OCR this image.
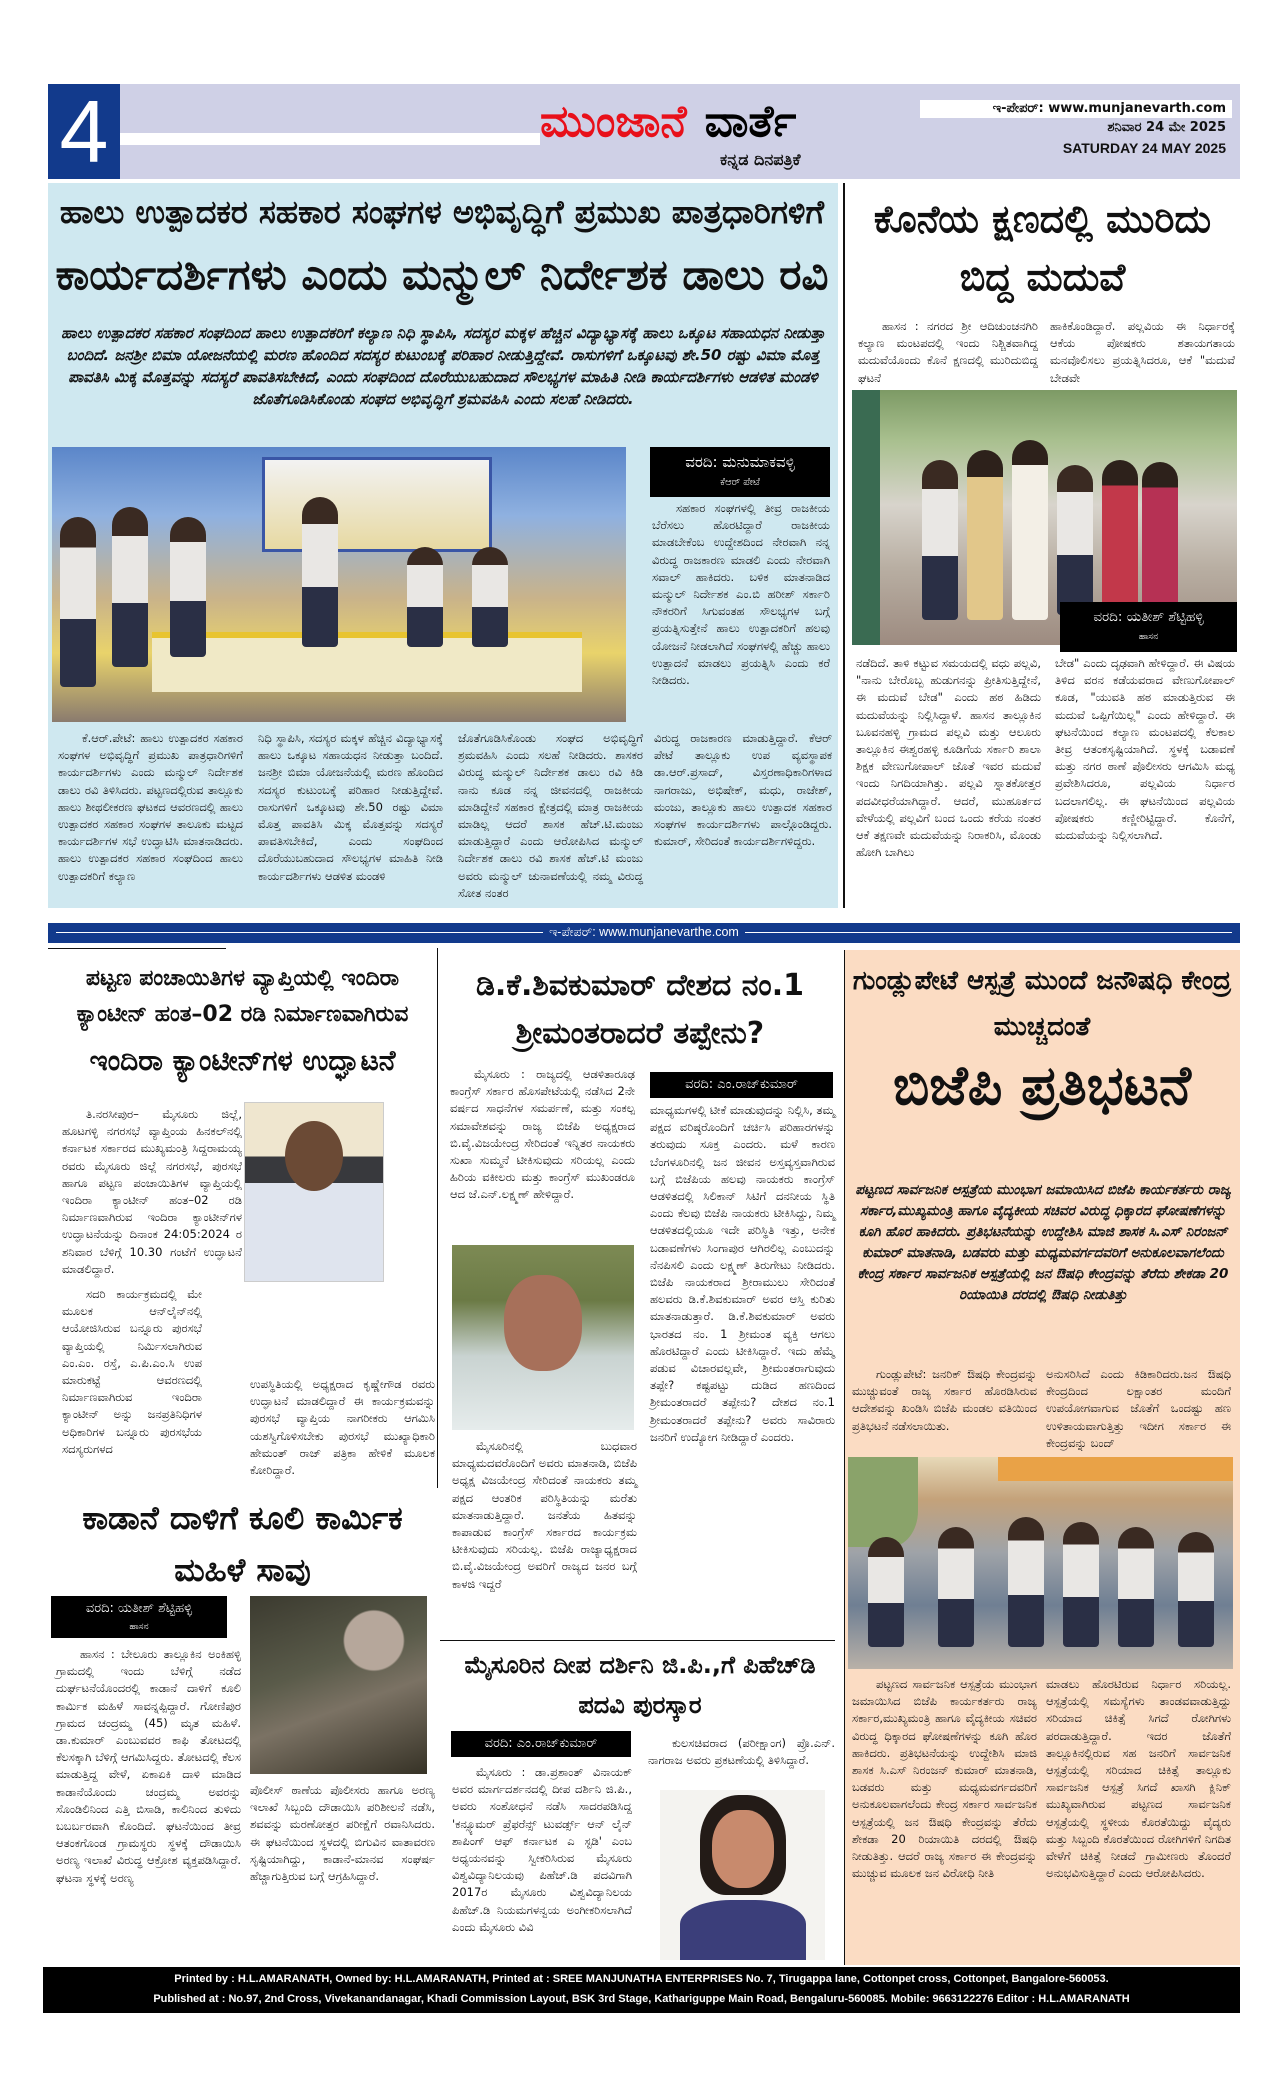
4	ಮುಂಜಾನೆ ವಾರ್ತೆ
ಕನ್ನಡ ದಿನಪತ್ರಿಕೆ
ಇ-ಪೇಪರ್: www.munjanevarth.com
ಶನಿವಾರ 24 ಮೇ 2025
SATURDAY 24 MAY 2025
ಹಾಲು ಉತ್ಪಾದಕರ ಸಹಕಾರ ಸಂಘಗಳ ಅಭಿವೃದ್ಧಿಗೆ ಪ್ರಮುಖ ಪಾತ್ರಧಾರಿಗಳಿಗೆ
ಕಾರ್ಯದರ್ಶಿಗಳು ಎಂದು ಮನ್ಮುಲ್ ನಿರ್ದೇಶಕ ಡಾಲು ರವಿ
ಹಾಲು ಉತ್ಪಾದಕರ ಸಹಕಾರ ಸಂಘದಿಂದ ಹಾಲು ಉತ್ಪಾದಕರಿಗೆ ಕಲ್ಯಾಣ ನಿಧಿ ಸ್ಥಾಪಿಸಿ, ಸದಸ್ಯರ ಮಕ್ಕಳ ಹೆಚ್ಚಿನ ವಿದ್ಯಾಭ್ಯಾಸಕ್ಕೆ ಹಾಲು ಒಕ್ಕೂಟ ಸಹಾಯಧನ ನೀಡುತ್ತಾ ಬಂದಿದೆ. ಜನಶ್ರೀ ಬಿಮಾ ಯೋಜನೆಯಲ್ಲಿ ಮರಣ ಹೊಂದಿದ ಸದಸ್ಯರ ಕುಟುಂಬಕ್ಕೆ ಪರಿಹಾರ ನೀಡುತ್ತಿದ್ದೇವೆ. ರಾಸುಗಳಿಗೆ ಒಕ್ಕೂಟವು ಶೇ.50 ರಷ್ಟು ವಿಮಾ ಮೊತ್ತ ಪಾವತಿಸಿ ಮಿಕ್ಕ ಮೊತ್ತವನ್ನು ಸದಸ್ಯರೆ ಪಾವತಿಸಬೇಕಿದೆ, ಎಂದು ಸಂಘದಿಂದ ದೊರೆಯುಬಹುದಾದ ಸೌಲಭ್ಯಗಳ ಮಾಹಿತಿ ನೀಡಿ ಕಾರ್ಯದರ್ಶಿಗಳು ಆಡಳಿತ ಮಂಡಳಿ ಜೊತೆಗೂಡಿಸಿಕೊಂಡು ಸಂಘದ ಅಭಿವೃದ್ಧಿಗೆ ಶ್ರಮವಹಿಸಿ ಎಂದು ಸಲಹೆ ನೀಡಿದರು.
ವರದಿ: ಮನುಮಾಕವಳ್ಳಿ
ಕೆಆರ್ ಪೇಟೆ

ಸಹಕಾರ ಸಂಘಗಳಲ್ಲಿ ತೀವ್ರ ರಾಜಕೀಯ ಬೆರೆಸಲು ಹೊರಟಿದ್ದಾರೆ ರಾಜಕೀಯ ಮಾಡಬೇಕೆಂಬ ಉದ್ದೇಶದಿಂದ ನೇರವಾಗಿ ನನ್ನ ವಿರುದ್ಧ ರಾಜಕಾರಣ ಮಾಡಲಿ ಎಂದು ನೇರವಾಗಿ ಸವಾಲ್ ಹಾಕಿದರು. ಬಳಿಕ ಮಾತನಾಡಿದ ಮನ್ಮುಲ್ ನಿರ್ದೇಶಕ ಎಂ.ಬಿ ಹರೀಶ್ ಸರ್ಕಾರಿ ನೌಕರರಿಗೆ ಸಿಗುವಂತಹ ಸೌಲಭ್ಯಗಳ ಬಗ್ಗೆ ಪ್ರಯತ್ನಿಸುತ್ತೇನೆ ಹಾಲು ಉತ್ಪಾದಕರಿಗೆ ಹಲವು ಯೋಜನೆ ನೀಡಲಾಗಿದೆ ಸಂಘಗಳಲ್ಲಿ ಹೆಚ್ಚು ಹಾಲು ಉತ್ಪಾದನೆ ಮಾಡಲು ಪ್ರಯತ್ನಿಸಿ ಎಂದು ಕರೆ ನೀಡಿದರು.

ಕೆ.ಆರ್.ಪೇಟೆ: ಹಾಲು ಉತ್ಪಾದಕರ ಸಹಕಾರ ಸಂಘಗಳ ಅಭಿವೃದ್ಧಿಗೆ ಪ್ರಮುಖ ಪಾತ್ರಧಾರಿಗಳಿಗೆ ಕಾರ್ಯದರ್ಶಿಗಳು ಎಂದು ಮನ್ಮುಲ್ ನಿರ್ದೇಶಕ ಡಾಲು ರವಿ ತಿಳಿಸಿದರು. ಪಟ್ಟಣದಲ್ಲಿರುವ ತಾಲ್ಲೂಕು ಹಾಲು ಶೀಥಲೀಕರಣ ಘಟಕದ ಆವರಣದಲ್ಲಿ ಹಾಲು ಉತ್ಪಾದಕರ ಸಹಕಾರ ಸಂಘಗಳ ತಾಲೂಕು ಮಟ್ಟದ ಕಾರ್ಯದರ್ಶಿಗಳ ಸಭೆ ಉದ್ಘಾಟಿಸಿ ಮಾತನಾಡಿದರು. ಹಾಲು ಉತ್ಪಾದಕರ ಸಹಕಾರ ಸಂಘದಿಂದ ಹಾಲು ಉತ್ಪಾದಕರಿಗೆ ಕಲ್ಯಾಣ

ನಿಧಿ ಸ್ಥಾಪಿಸಿ, ಸದಸ್ಯರ ಮಕ್ಕಳ ಹೆಚ್ಚಿನ ವಿದ್ಯಾಭ್ಯಾಸಕ್ಕೆ ಹಾಲು ಒಕ್ಕೂಟ ಸಹಾಯಧನ ನೀಡುತ್ತಾ ಬಂದಿದೆ. ಜನಶ್ರೀ ಬಿಮಾ ಯೋಜನೆಯಲ್ಲಿ ಮರಣ ಹೊಂದಿದ ಸದಸ್ಯರ ಕುಟುಂಬಕ್ಕೆ ಪರಿಹಾರ ನೀಡುತ್ತಿದ್ದೇವೆ. ರಾಸುಗಳಿಗೆ ಒಕ್ಕೂಟವು ಶೇ.50 ರಷ್ಟು ವಿಮಾ ಮೊತ್ತ ಪಾವತಿಸಿ ಮಿಕ್ಕ ಮೊತ್ತವನ್ನು ಸದಸ್ಯರೆ ಪಾವತಿಸಬೇಕಿದೆ, ಎಂದು ಸಂಘದಿಂದ ದೊರೆಯುಬಹುದಾದ ಸೌಲಭ್ಯಗಳ ಮಾಹಿತಿ ನೀಡಿ ಕಾರ್ಯದರ್ಶಿಗಳು ಆಡಳಿತ ಮಂಡಳಿ

ಜೊತೆಗೂಡಿಸಿಕೊಂಡು ಸಂಘದ ಅಭಿವೃದ್ಧಿಗೆ ಶ್ರಮವಹಿಸಿ ಎಂದು ಸಲಹೆ ನೀಡಿದರು. ಶಾಸಕರ ವಿರುದ್ಧ ಮನ್ಮುಲ್ ನಿರ್ದೇಶಕ ಡಾಲು ರವಿ ಕಿಡಿ ನಾನು ಕೂಡ ನನ್ನ ಜೀವನದಲ್ಲಿ ರಾಜಕೀಯ ಮಾಡಿದ್ದೇನೆ ಸಹಕಾರ ಕ್ಷೇತ್ರದಲ್ಲಿ ಮಾತ್ರ ರಾಜಕೀಯ ಮಾಡಿಲ್ಲ ಆದರೆ ಶಾಸಕ ಹೆಚ್.ಟಿ.ಮಂಜು ಮಾಡುತ್ತಿದ್ದಾರೆ ಎಂದು ಆರೋಪಿಸಿದ ಮನ್ಮುಲ್ ನಿರ್ದೇಶಕ ಡಾಲು ರವಿ ಶಾಸಕ ಹೆಚ್.ಟಿ ಮಂಜು ಅವರು ಮನ್ಮುಲ್ ಚುನಾವಣೆಯಲ್ಲಿ ನಮ್ಮ ವಿರುದ್ಧ ಸೋತ ನಂತರ

ವಿರುದ್ಧ ರಾಜಕಾರಣ ಮಾಡುತ್ತಿದ್ದಾರೆ. ಕೆಆರ್ ಪೇಟೆ ತಾಲ್ಲೂಕು ಉಪ ವ್ಯವಸ್ಥಾಪಕ ಡಾ.ಆರ್.ಪ್ರಸಾದ್, ವಿಸ್ತರಣಾಧಿಕಾರಿಗಳಾದ ನಾಗರಾಜು, ಅಭಿಷೇಕ್, ಮಧು, ರಾಜೇಶ್, ಮಂಜು, ತಾಲ್ಲೂಕು ಹಾಲು ಉತ್ಪಾದಕ ಸಹಕಾರ ಸಂಘಗಳ ಕಾರ್ಯದರ್ಶಿಗಳು ಪಾಲ್ಗೊಂಡಿದ್ದರು. ಕುಮಾರ್, ಸೇರಿದಂತೆ ಕಾರ್ಯದರ್ಶಿಗಳಿದ್ದರು.

ಕೊನೆಯ ಕ್ಷಣದಲ್ಲಿ ಮುರಿದು ಬಿದ್ದ ಮದುವೆ

ಹಾಸನ : ನಗರದ ಶ್ರೀ ಆದಿಚುಂಚನಗಿರಿ ಕಲ್ಯಾಣ ಮಂಟಪದಲ್ಲಿ ಇಂದು ನಿಶ್ಚಿತವಾಗಿದ್ದ ಮದುವೆಯೊಂದು ಕೊನೆ ಕ್ಷಣದಲ್ಲಿ ಮುರಿದುಬಿದ್ದ ಘಟನೆ

ಹಾಕಿಕೊಂಡಿದ್ದಾರೆ. ಪಲ್ಲವಿಯ ಈ ನಿರ್ಧಾರಕ್ಕೆ ಆಕೆಯ ಪೋಷಕರು ಶತಾಯಗತಾಯ ಮನವೊಲಿಸಲು ಪ್ರಯತ್ನಿಸಿದರೂ, ಆಕೆ "ಮದುವೆ ಬೇಡವೇ

ವರದಿ: ಯತೀಶ್ ಶೆಟ್ಟಿಹಳ್ಳಿ
ಹಾಸನ

ನಡೆದಿದೆ. ತಾಳಿ ಕಟ್ಟುವ ಸಮಯದಲ್ಲಿ ವಧು ಪಲ್ಲವಿ, "ನಾನು ಬೇರೊಬ್ಬ ಹುಡುಗನನ್ನು ಪ್ರೀತಿಸುತ್ತಿದ್ದೇನೆ, ಈ ಮದುವೆ ಬೇಡ" ಎಂದು ಹಠ ಹಿಡಿದು ಮದುವೆಯನ್ನು ನಿಲ್ಲಿಸಿದ್ದಾಳೆ. ಹಾಸನ ತಾಲ್ಲೂಕಿನ ಬೂವನಹಳ್ಳಿ ಗ್ರಾಮದ ಪಲ್ಲವಿ ಮತ್ತು ಆಲೂರು ತಾಲ್ಲೂಕಿನ ಈಶ್ವರಹಳ್ಳಿ ಕೂಡಿಗೆಯ ಸರ್ಕಾರಿ ಶಾಲಾ ಶಿಕ್ಷಕ ವೇಣುಗೋಪಾಲ್ ಜೊತೆ ಇವರ ಮದುವೆ ಇಂದು ನಿಗದಿಯಾಗಿತ್ತು. ಪಲ್ಲವಿ ಸ್ನಾತಕೋತ್ತರ ಪದವೀಧರೆಯಾಗಿದ್ದಾರೆ. ಆದರೆ, ಮುಹೂರ್ತದ ವೇಳೆಯಲ್ಲಿ ಪಲ್ಲವಿಗೆ ಬಂದ ಒಂದು ಕರೆಯ ನಂತರ ಆಕೆ ತಕ್ಷಣವೇ ಮದುವೆಯನ್ನು ನಿರಾಕರಿಸಿ, ಮೊಂಡು ಹೋಗಿ ಬಾಗಿಲು

ಬೇಡ" ಎಂದು ದೃಢವಾಗಿ ಹೇಳಿದ್ದಾರೆ. ಈ ವಿಷಯ ತಿಳಿದ ವರನ ಕಡೆಯವರಾದ ವೇಣುಗೋಪಾಲ್ ಕೂಡ, "ಯುವತಿ ಹಠ ಮಾಡುತ್ತಿರುವ ಈ ಮದುವೆ ಒಪ್ಪಿಗೆಯಿಲ್ಲ" ಎಂದು ಹೇಳಿದ್ದಾರೆ. ಈ ಘಟನೆಯಿಂದ ಕಲ್ಯಾಣ ಮಂಟಪದಲ್ಲಿ ಕೆಲಕಾಲ ತೀವ್ರ ಆತಂಕಸೃಷ್ಟಿಯಾಗಿದೆ. ಸ್ಥಳಕ್ಕೆ ಬಡಾವಣೆ ಮತ್ತು ನಗರ ಠಾಣೆ ಪೊಲೀಸರು ಆಗಮಿಸಿ ಮಧ್ಯ ಪ್ರವೇಶಿಸಿದರೂ, ಪಲ್ಲವಿಯ ನಿರ್ಧಾರ ಬದಲಾಗಲಿಲ್ಲ. ಈ ಘಟನೆಯಿಂದ ಪಲ್ಲವಿಯ ಪೋಷಕರು ಕಣ್ಣೀರಿಟ್ಟಿದ್ದಾರೆ. ಕೊನೆಗೆ, ಮದುವೆಯನ್ನು ನಿಲ್ಲಿಸಲಾಗಿದೆ.

ಇ-ಪೇಪರ್: www.munjanevarthe.com
ಪಟ್ಟಣ ಪಂಚಾಯಿತಿಗಳ ವ್ಯಾಪ್ತಿಯಲ್ಲಿ ಇಂದಿರಾ
ಕ್ಯಾಂಟೀನ್ ಹಂತ–02 ರಡಿ ನಿರ್ಮಾಣವಾಗಿರುವ
ಇಂದಿರಾ ಕ್ಯಾಂಟೀನ್‌ಗಳ ಉದ್ಘಾಟನೆ

ತಿ.ನರಸೀಪುರ– ಮೈಸೂರು ಜಿಲ್ಲೆ, ಹೂಟಗಳ್ಳಿ ನಗರಸಭೆ ವ್ಯಾಪ್ತಿಂಯ ಹಿನಕಲ್‌ನಲ್ಲಿ ಕರ್ನಾಟಕ ಸರ್ಕಾರದ ಮುಖ್ಯಮಂತ್ರಿ ಸಿದ್ದರಾಮಯ್ಯ ರವರು ಮೈಸೂರು ಜಿಲ್ಲೆ ನಗರಸಭೆ, ಪುರಸಭೆ ಹಾಗೂ ಪಟ್ಟಣ ಪಂಚಾಯಿತಿಗಳ ವ್ಯಾಪ್ತಿಯಲ್ಲಿ ಇಂದಿರಾ ಕ್ಯಾಂಟೀನ್ ಹಂತ–02 ರಡಿ ನಿರ್ಮಾಣವಾಗಿರುವ ಇಂದಿರಾ ಕ್ಯಾಂಟೀನ್‌ಗಳ ಉದ್ಘಾಟನೆಯನ್ನು ದಿನಾಂಕ 24:05:2024 ರ ಶನಿವಾರ ಬೆಳಿಗ್ಗೆ 10.30 ಗಂಟೆಗೆ ಉದ್ಘಾಟನೆ ಮಾಡಲಿದ್ದಾರೆ.

ಸದರಿ ಕಾರ್ಯಕ್ರಮದಲ್ಲಿ ಮೇ ಮೂಲಕ ಆನ್‌ಲೈನ್‌ನಲ್ಲಿ ಆಯೋಜಿಸಿರುವ ಬನ್ನೂರು ಪುರಸಭೆ ವ್ಯಾಪ್ತಿಯಲ್ಲಿ ನಿರ್ಮಿಸಲಾಗಿರುವ ಎಂ.ಎಂ. ರಸ್ತೆ, ಎ.ಪಿ.ಎಂ.ಸಿ ಉಪ ಮಾರುಕಟ್ಟೆ ಆವರಣದಲ್ಲಿ ನಿರ್ಮಾಣವಾಗಿರುವ ಇಂದಿರಾ ಕ್ಯಾಂಟೀನ್ ಅನ್ನು ಜನಪ್ರತಿನಿಧಿಗಳ ಅಧಿಕಾರಿಗಳ ಬನ್ನೂರು ಪುರಸಭೆಯ ಸದಸ್ಯರುಗಳದ

ಉಪಸ್ಥಿತಿಯಲ್ಲಿ ಅಧ್ಯಕ್ಷರಾದ ಕೃಷ್ಣೇಗೌಡ ರವರು ಉದ್ಘಾಟನೆ ಮಾಡಲಿದ್ದಾರೆ ಈ ಕಾರ್ಯಕ್ರಮವನ್ನು ಪುರಸಭೆ ವ್ಯಾಪ್ತಿಯ ನಾಗರೀಕರು ಆಗಮಿಸಿ ಯಶಸ್ವಿಗೊಳಿಸಬೇಕು ಪುರಸಭೆ ಮುಖ್ಯಾಧಿಕಾರಿ ಹೇಮಂತ್ ರಾಜ್ ಪತ್ರಿಕಾ ಹೇಳಿಕೆ ಮೂಲಕ ಕೋರಿದ್ದಾರೆ.

ಕಾಡಾನೆ ದಾಳಿಗೆ ಕೂಲಿ ಕಾರ್ಮಿಕ ಮಹಿಳೆ ಸಾವು
ವರದಿ: ಯತೀಶ್ ಶೆಟ್ಟಿಹಳ್ಳಿ
ಹಾಸನ

ಹಾಸನ : ಬೇಲೂರು ತಾಲ್ಲೂಕಿನ ಅಂಕಿಹಳ್ಳಿ ಗ್ರಾಮದಲ್ಲಿ ಇಂದು ಬೆಳಿಗ್ಗೆ ನಡೆದ ದುರ್ಘಟನೆಯೊಂದರಲ್ಲಿ ಕಾಡಾನೆ ದಾಳಿಗೆ ಕೂಲಿ ಕಾರ್ಮಿಕ ಮಹಿಳೆ ಸಾವನ್ನಪ್ಪಿದ್ದಾರೆ. ಗೋಣಿಪುರ ಗ್ರಾಮದ ಚಂದ್ರಮ್ಮ (45) ಮೃತ ಮಹಿಳೆ. ಡಾ.ಕುಮಾರ್ ಎಂಬುವವರ ಕಾಫಿ ತೋಟದಲ್ಲಿ ಕೆಲಸಕ್ಕಾಗಿ ಬೆಳಿಗ್ಗೆ ಆಗಮಿಸಿದ್ದರು. ತೋಟದಲ್ಲಿ ಕೆಲಸ ಮಾಡುತ್ತಿದ್ದ ವೇಳೆ, ಏಕಾಏಕಿ ದಾಳಿ ಮಾಡಿದ ಕಾಡಾನೆಯೊಂದು ಚಂದ್ರಮ್ಮ ಅವರನ್ನು ಸೊಂಡಿಲಿನಿಂದ ಎತ್ತಿ ಬಿಸಾಡಿ, ಕಾಲಿನಿಂದ ತುಳಿದು ಬಬರ್ಬರವಾಗಿ ಕೊಂದಿದೆ. ಘಟನೆಯಿಂದ ತೀವ್ರ ಆತಂಕಗೊಂಡ ಗ್ರಾಮಸ್ಥರು ಸ್ಥಳಕ್ಕೆ ದೌಡಾಯಿಸಿ ಅರಣ್ಯ ಇಲಾಖೆ ವಿರುದ್ಧ ಆಕ್ರೋಶ ವ್ಯಕ್ತಪಡಿಸಿದ್ದಾರೆ. ಘಟನಾ ಸ್ಥಳಕ್ಕೆ ಅರಣ್ಯ

ಪೊಲೀಸ್ ಠಾಣೆಯ ಪೊಲೀಸರು ಹಾಗೂ ಅರಣ್ಯ ಇಲಾಖೆ ಸಿಬ್ಬಂದಿ ದೌಡಾಯಿಸಿ ಪರಿಶೀಲನೆ ನಡೆಸಿ, ಶವವನ್ನು ಮರಣೋತ್ತರ ಪರೀಕ್ಷೆಗೆ ರವಾನಿಸಿದರು. ಈ ಘಟನೆಯಿಂದ ಸ್ಥಳದಲ್ಲಿ ಬಿಗುವಿನ ವಾತಾವರಣ ಸೃಷ್ಟಿಯಾಗಿದ್ದು, ಕಾಡಾನೆ-ಮಾನವ ಸಂಘರ್ಷ ಹೆಚ್ಚಾಗುತ್ತಿರುವ ಬಗ್ಗೆ ಆಗ್ರಹಿಸಿದ್ದಾರೆ.

ಡಿ.ಕೆ.ಶಿವಕುಮಾರ್ ದೇಶದ ನಂ.1 ಶ್ರೀಮಂತರಾದರೆ ತಪ್ಪೇನು?

ಮೈಸೂರು : ರಾಜ್ಯದಲ್ಲಿ ಆಡಳಿತಾರೂಢ ಕಾಂಗ್ರೆಸ್ ಸರ್ಕಾರ ಹೊಸಪೇಟೆಯಲ್ಲಿ ನಡೆಸಿದ 2ನೇ ವರ್ಷದ ಸಾಧನೆಗಳ ಸಮರ್ಪಣೆ, ಮತ್ತು ಸಂಕಲ್ಪ ಸಮಾವೇಶವನ್ನು ರಾಜ್ಯ ಬಿಜೆಪಿ ಅಧ್ಯಕ್ಷರಾದ ಬಿ.ವೈ.ವಿಜಯೇಂದ್ರ ಸೇರಿದಂತೆ ಇನ್ನಿತರ ನಾಯಕರು ಸುಖಾ ಸುಮ್ಮನೆ ಟೀಕಿಸುವುದು ಸರಿಯಲ್ಲ ಎಂದು ಹಿರಿಯ ವಕೀಲರು ಮತ್ತು ಕಾಂಗ್ರೆಸ್ ಮುಖಂಡರೂ ಆದ ಜೆ.ಎನ್.ಲಕ್ಷ್ಮಣ್ ಹೇಳಿದ್ದಾರೆ.

ವರದಿ: ಎಂ.ರಾಜ್‌ಕುಮಾರ್

ಮಾಧ್ಯಮಗಳಲ್ಲಿ ಟೀಕೆ ಮಾಡುವುದನ್ನು ನಿಲ್ಲಿಸಿ, ತಮ್ಮ ಪಕ್ಷದ ವರಿಷ್ಠರೊಂದಿಗೆ ಚರ್ಚಿಸಿ ಪರಿಹಾರಗಳನ್ನು ತರುವುದು ಸೂಕ್ತ ಎಂದರು. ಮಳೆ ಕಾರಣ ಬೆಂಗಳೂರಿನಲ್ಲಿ ಜನ ಜೀವನ ಅಸ್ತವ್ಯಸ್ತವಾಗಿರುವ ಬಗ್ಗೆ ಬಿಜೆಪಿಯ ಹಲವು ನಾಯಕರು ಕಾಂಗ್ರೆಸ್ ಆಡಳಿತದಲ್ಲಿ ಸಿಲಿಕಾನ್ ಸಿಟಿಗೆ ದನನೀಯ ಸ್ಥಿತಿ ಎಂದು ಕೆಲವು ಬಿಜೆಪಿ ನಾಯಕರು ಟೀಕಿಸಿದ್ದು, ನಿಮ್ಮ ಆಡಳಿತದಲ್ಲಿಯೂ ಇದೇ ಪರಿಸ್ಥಿತಿ ಇತ್ತು, ಅನೇಕ ಬಡಾವಣೆಗಳು ಸಿಂಗಾಪುರ ಆಗಿರಲಿಲ್ಲ ಎಂಬುದನ್ನು ನೆನಪಿಸಲಿ ಎಂದು ಲಕ್ಷ್ಮಣ್ ತಿರುಗೇಟು ನೀಡಿದರು. ಬಿಜೆಪಿ ನಾಯಕರಾದ ಶ್ರೀರಾಮುಲು ಸೇರಿದಂತೆ ಹಲವರು ಡಿ.ಕೆ.ಶಿವಕುಮಾರ್ ಅವರ ಆಸ್ತಿ ಕುರಿತು ಮಾತನಾಡುತ್ತಾರೆ. ಡಿ.ಕೆ.ಶಿವಕುಮಾರ್ ಅವರು ಭಾರತದ ನಂ. 1 ಶ್ರೀಮಂತ ವ್ಯಕ್ತಿ ಆಗಲು ಹೊರಟಿದ್ದಾರೆ ಎಂದು ಟೀಕಿಸಿದ್ದಾರೆ. ಇದು ಹೆಮ್ಮೆ ಪಡುವ ವಿಚಾರವಲ್ಲವೇ, ಶ್ರೀಮಂತರಾಗುವುದು ತಪ್ಪೇ? ಕಷ್ಟಪಟ್ಟು ದುಡಿದ ಹಣದಿಂದ ಶ್ರೀಮಂತರಾದರೆ ತಪ್ಪೇನು? ದೇಶದ ನಂ.1 ಶ್ರೀಮಂತರಾದರೆ ತಪ್ಪೇನು? ಅವರು ಸಾವಿರಾರು ಜನರಿಗೆ ಉದ್ಯೋಗ ನೀಡಿದ್ದಾರೆ ಎಂದರು.

ಮೈಸೂರಿನಲ್ಲಿ ಬುಧವಾರ ಮಾಧ್ಯಮದವರೊಂದಿಗೆ ಅವರು ಮಾತನಾಡಿ, ಬಿಜೆಪಿ ಅಧ್ಯಕ್ಷ ವಿಜಯೇಂದ್ರ ಸೇರಿದಂತೆ ನಾಯಕರು ತಮ್ಮ ಪಕ್ಷದ ಆಂತರಿಕ ಪರಿಸ್ಥಿತಿಯನ್ನು ಮರೆತು ಮಾತನಾಡುತ್ತಿದ್ದಾರೆ. ಜನತೆಯ ಹಿತವನ್ನು ಕಾಪಾಡುವ ಕಾಂಗ್ರೆಸ್ ಸರ್ಕಾರದ ಕಾರ್ಯಕ್ರಮ ಟೀಕಿಸುವುದು ಸರಿಯಲ್ಲ. ಬಿಜೆಪಿ ರಾಜ್ಯಾಧ್ಯಕ್ಷರಾದ ಬಿ.ವೈ.ವಿಜಯೇಂದ್ರ ಅವರಿಗೆ ರಾಜ್ಯದ ಜನರ ಬಗ್ಗೆ ಕಾಳಜಿ ಇದ್ದರೆ

ಮೈಸೂರಿನ ದೀಪ ದರ್ಶಿನಿ ಜಿ.ಪಿ.,ಗೆ ಪಿಹೆಚ್‌ಡಿ ಪದವಿ ಪುರಸ್ಕಾರ
ವರದಿ: ಎಂ.ರಾಜ್‌ಕುಮಾರ್	ಕುಲಸಚಿವರಾದ (ಪರೀಕ್ಷಾಂಗ) ಪ್ರೊ.ಎನ್. ನಾಗರಾಜ ಅವರು ಪ್ರಕಟಣೆಯಲ್ಲಿ ತಿಳಿಸಿದ್ದಾರೆ.

ಮೈಸೂರು : ಡಾ.ಪ್ರಶಾಂತ್ ವಿನಾಯಕ್ ಅವರ ಮಾರ್ಗದರ್ಶನದಲ್ಲಿ ದೀಪ ದರ್ಶಿನಿ ಜಿ.ಪಿ., ಅವರು ಸಂಶೋಧನೆ ನಡೆಸಿ ಸಾದರಪಡಿಸಿದ್ದ 'ಕನ್ಸ್ಯೂಮರ್ ಪ್ರೆಫರೆನ್ಸ್ ಟುವರ್ಡ್ಸ್ ಆನ್ ಲೈನ್ ಶಾಪಿಂಗ್ ಆಫ್ ಕರ್ನಾಟಕ ಎ ಸ್ಟಡಿ' ಎಂಬ ಅಧ್ಯಯನವನ್ನು ಸ್ವೀಕರಿಸಿರುವ ಮೈಸೂರು ವಿಶ್ವವಿದ್ಯಾನಿಲಯವು ಪಿಹೆಚ್.ಡಿ ಪದವಿಗಾಗಿ 2017ರ ಮೈಸೂರು ವಿಶ್ವವಿದ್ಯಾನಿಲಯ ಪಿಹೆಚ್.ಡಿ ನಿಯಮಗಳನ್ವಯ ಅಂಗೀಕರಿಸಲಾಗಿದೆ ಎಂದು ಮೈಸೂರು ವಿವಿ

ಗುಂಡ್ಲುಪೇಟೆ ಆಸ್ಪತ್ರೆ ಮುಂದೆ ಜನೌಷಧಿ ಕೇಂದ್ರ ಮುಚ್ಚದಂತೆ
ಬಿಜೆಪಿ ಪ್ರತಿಭಟನೆ
ಪಟ್ಟಣದ ಸಾರ್ವಜನಿಕ ಆಸ್ಪತ್ರೆಯ ಮುಂಭಾಗ ಜಮಾಯಿಸಿದ ಬಿಜೆಪಿ ಕಾರ್ಯಕರ್ತರು ರಾಜ್ಯ ಸರ್ಕಾರ,ಮುಖ್ಯಮಂತ್ರಿ ಹಾಗೂ ವೈದ್ಯಕೀಯ ಸಚಿವರ ವಿರುದ್ಧ ಧಿಕ್ಕಾರದ ಘೋಷಣೆಗಳನ್ನು ಕೂಗಿ ಹೊರ ಹಾಕಿದರು. ಪ್ರತಿಭಟನೆಯನ್ನು ಉದ್ದೇಶಿಸಿ ಮಾಜಿ ಶಾಸಕ ಸಿ.ಎಸ್ ನಿರಂಜನ್ ಕುಮಾರ್ ಮಾತನಾಡಿ, ಬಡವರು ಮತ್ತು ಮಧ್ಯಮವರ್ಗದವರಿಗೆ ಅನುಕೂಲವಾಗಲೆಂದು ಕೇಂದ್ರ ಸರ್ಕಾರ ಸಾರ್ವಜನಿಕ ಆಸ್ಪತ್ರೆಯಲ್ಲಿ ಜನ ಔಷಧಿ ಕೇಂದ್ರವನ್ನು ತೆರೆದು ಶೇಕಡಾ 20 ರಿಯಾಯಿತಿ ದರದಲ್ಲಿ ಔಷಧಿ ನೀಡುತಿತ್ತು

ಗುಂಡ್ಲುಪೇಟೆ: ಜನರಿಕ್ ಔಷಧಿ ಕೇಂದ್ರವನ್ನು ಮುಚ್ಚುವಂತೆ ರಾಜ್ಯ ಸರ್ಕಾರ ಹೊರಡಿಸಿರುವ ಆದೇಶವನ್ನು ಖಂಡಿಸಿ ಬಿಜೆಪಿ ಮಂಡಲ ವತಿಯಿಂದ ಪ್ರತಿಭಟನೆ ನಡೆಸಲಾಯಿತು.

ಅನುಸರಿಸಿದೆ ಎಂದು ಕಿಡಿಕಾರಿದರು.ಜನ ಔಷಧಿ ಕೇಂದ್ರದಿಂದ ಲಕ್ಷಾಂತರ ಮಂದಿಗೆ ಉಪಯೋಗವಾಗುವ ಜೊತೆಗೆ ಒಂದಷ್ಟು ಹಣ ಉಳಿತಾಯವಾಗುತ್ತಿತ್ತು ಇದೀಗ ಸರ್ಕಾರ ಈ ಕೇಂದ್ರವನ್ನು ಬಂದ್

ಪಟ್ಟಣದ ಸಾರ್ವಜನಿಕ ಆಸ್ಪತ್ರೆಯ ಮುಂಭಾಗ ಜಮಾಯಿಸಿದ ಬಿಜೆಪಿ ಕಾರ್ಯಕರ್ತರು ರಾಜ್ಯ ಸರ್ಕಾರ,ಮುಖ್ಯಮಂತ್ರಿ ಹಾಗೂ ವೈದ್ಯಕೀಯ ಸಚಿವರ ವಿರುದ್ಧ ಧಿಕ್ಕಾರದ ಘೋಷಣೆಗಳನ್ನು ಕೂಗಿ ಹೊರ ಹಾಕಿದರು. ಪ್ರತಿಭಟನೆಯನ್ನು ಉದ್ದೇಶಿಸಿ ಮಾಜಿ ಶಾಸಕ ಸಿ.ಎಸ್ ನಿರಂಜನ್ ಕುಮಾರ್ ಮಾತನಾಡಿ, ಬಡವರು ಮತ್ತು ಮಧ್ಯಮವರ್ಗದವರಿಗೆ ಅನುಕೂಲವಾಗಲೆಂದು ಕೇಂದ್ರ ಸರ್ಕಾರ ಸಾರ್ವಜನಿಕ ಆಸ್ಪತ್ರೆಯಲ್ಲಿ ಜನ ಔಷಧಿ ಕೇಂದ್ರವನ್ನು ತೆರೆದು ಶೇಕಡಾ 20 ರಿಯಾಯಿತಿ ದರದಲ್ಲಿ ಔಷಧಿ ನೀಡುತಿತ್ತು. ಆದರೆ ರಾಜ್ಯ ಸರ್ಕಾರ ಈ ಕೇಂದ್ರವನ್ನು ಮುಚ್ಚುವ ಮೂಲಕ ಜನ ವಿರೋಧಿ ನೀತಿ

ಮಾಡಲು ಹೊರಟಿರುವ ನಿರ್ಧಾರ ಸರಿಯಲ್ಲ. ಆಸ್ಪತ್ರೆಯಲ್ಲಿ ಸಮಸ್ಯೆಗಳು ತಾಂಡವವಾಡುತ್ತಿದ್ದು ಸರಿಯಾದ ಚಿಕಿತ್ಸೆ ಸಿಗದೆ ರೋಗಿಗಳು ಪರದಾಡುತ್ತಿದ್ದಾರೆ. ಇದರ ಜೊತೆಗೆ ತಾಲ್ಲೂಕಿನಲ್ಲಿರುವ ಸಹ ಜನರಿಗೆ ಸಾರ್ವಜನಿಕ ಆಸ್ಪತ್ರೆಯಲ್ಲಿ ಸರಿಯಾದ ಚಿಕಿತ್ಸೆ ತಾಲ್ಲೂಕು ಸಾರ್ವಜನಿಕ ಆಸ್ಪತ್ರೆ ಸಿಗದೆ ಖಾಸಗಿ ಕ್ಲಿನಿಕ್ ಮುಖ್ಯವಾಗಿರುವ ಪಟ್ಟಣದ ಸಾರ್ವಜನಿಕ ಆಸ್ಪತ್ರೆಯಲ್ಲಿ ಸ್ಥಳೀಯ ಕೊರತೆಯಿದ್ದು ವೈದ್ಯರು ಮತ್ತು ಸಿಬ್ಬಂದಿ ಕೊರತೆಯಿಂದ ರೋಗಿಗಳಿಗೆ ನಿಗದಿತ ವೇಳೆಗೆ ಚಿಕಿತ್ಸೆ ನೀಡದೆ ಗ್ರಾಮೀಣರು ತೊಂದರೆ ಅನುಭವಿಸುತ್ತಿದ್ದಾರೆ ಎಂದು ಆರೋಪಿಸಿದರು.

Printed by : H.L.AMARANATH, Owned by: H.L.AMARANATH, Printed at : SREE MANJUNATHA ENTERPRISES No. 7, Tirugappa lane, Cottonpet cross, Cottonpet, Bangalore-560053.
Published at : No.97, 2nd Cross, Vivekanandanagar, Khadi Commission Layout, BSK 3rd Stage, Kathariguppe Main Road, Bengaluru-560085. Mobile: 9663122276 Editor : H.L.AMARANATH
